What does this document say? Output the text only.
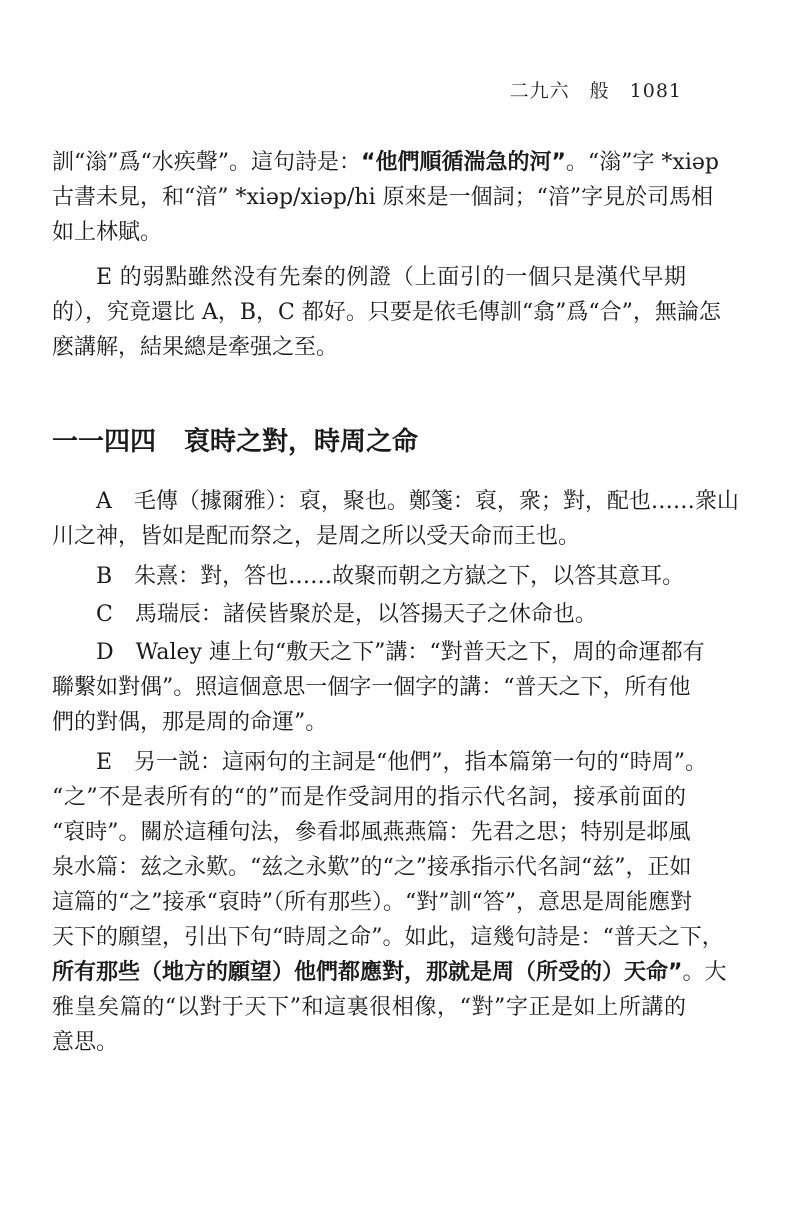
二九六　般　1081
訓“滃”爲“水疾聲”。這句詩是：“他們順循湍急的河”。“滃”字 *xiəp
古書未見，和“湆” *xiəp/xiəp/hi 原來是一個詞；“湆”字見於司馬相
如上林賦。
E 的弱點雖然没有先秦的例證（上面引的一個只是漢代早期
的），究竟還比 A，B，C 都好。只要是依毛傳訓“翕”爲“合”，無論怎
麽講解，結果總是牽强之至。
一一四四 裒時之對，時周之命
A　毛傳（據爾雅）：裒，聚也。鄭箋：裒，衆；對，配也……衆山
川之神，皆如是配而祭之，是周之所以受天命而王也。
B　朱熹：對，答也……故聚而朝之方嶽之下，以答其意耳。
C　馬瑞辰：諸侯皆聚於是，以答揚天子之休命也。
D　Waley 連上句“敷天之下”講：“對普天之下，周的命運都有
聯繫如對偶”。照這個意思一個字一個字的講：“普天之下，所有他
們的對偶，那是周的命運”。
E　另一説：這兩句的主詞是“他們”，指本篇第一句的“時周”。
“之”不是表所有的“的”而是作受詞用的指示代名詞，接承前面的
“裒時”。關於這種句法，參看邶風燕燕篇：先君之思；特别是邶風
泉水篇：兹之永歎。“兹之永歎”的“之”接承指示代名詞“兹”，正如
這篇的“之”接承“裒時”（所有那些）。“對”訓“答”，意思是周能應對
天下的願望，引出下句“時周之命”。如此，這幾句詩是：“普天之下，
所有那些（地方的願望）他們都應對，那就是周（所受的）天命”。大
雅皇矣篇的“以對于天下”和這裏很相像，“對”字正是如上所講的
意思。
